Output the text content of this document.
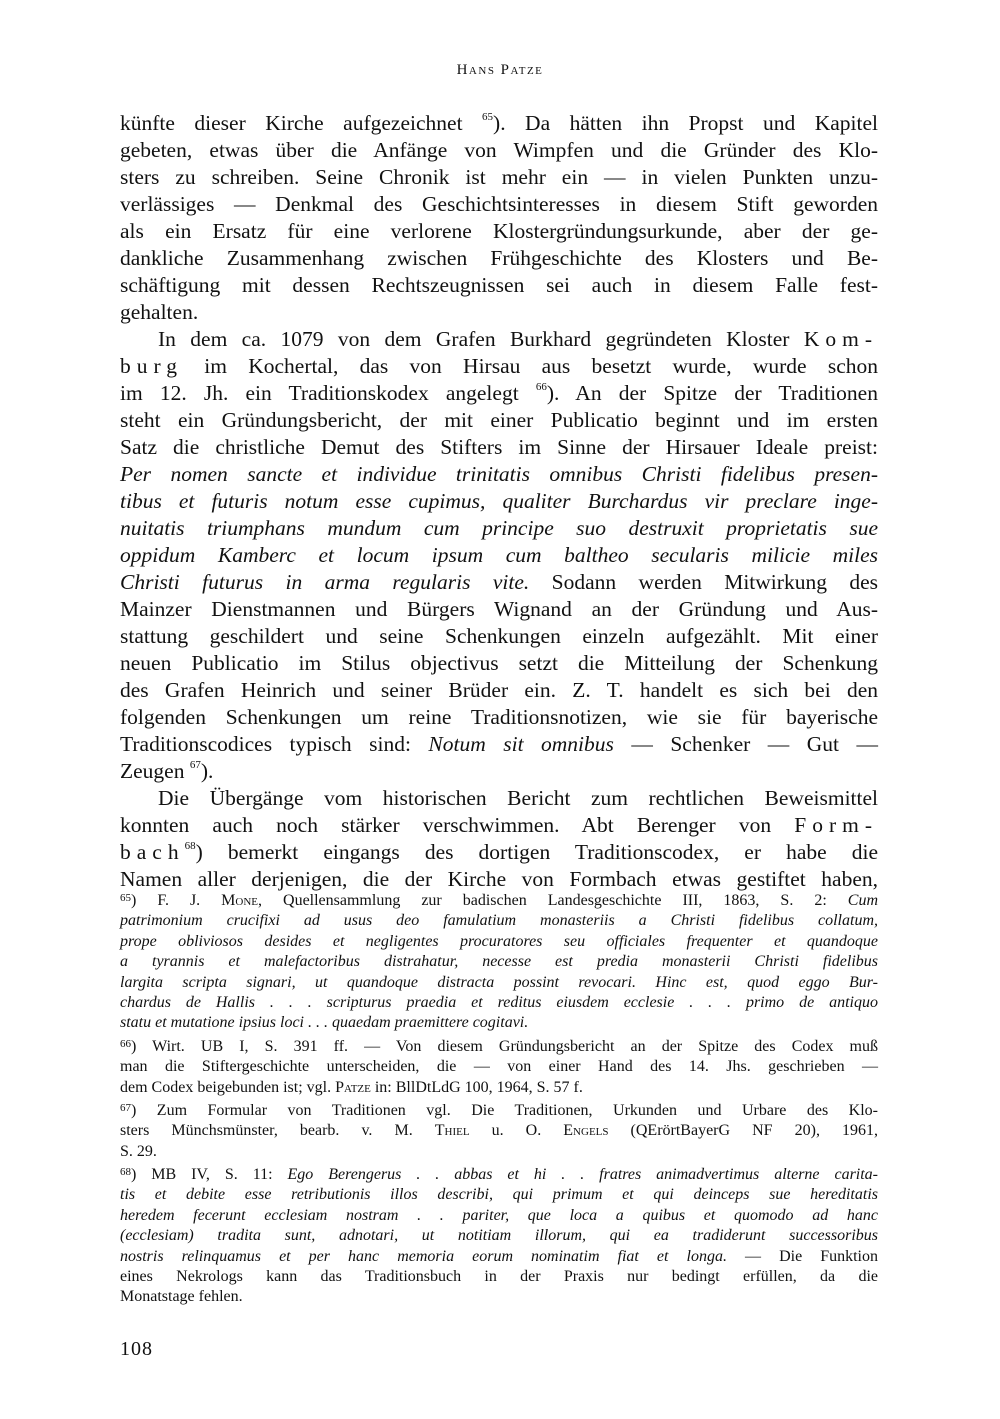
Hans Patze
künfte dieser Kirche aufgezeichnet $^{65}$). Da hätten ihn Propst und Kapitel
gebeten, etwas über die Anfänge von Wimpfen und die Gründer des Klo-
sters zu schreiben. Seine Chronik ist mehr ein — in vielen Punkten unzu-
verlässiges — Denkmal des Geschichtsinteresses in diesem Stift geworden
als ein Ersatz für eine verlorene Klostergründungsurkunde, aber der ge-
dankliche Zusammenhang zwischen Frühgeschichte des Klosters und Be-
schäftigung mit dessen Rechtszeugnissen sei auch in diesem Falle fest-
gehalten.
In dem ca. 1079 von dem Grafen Burkhard gegründeten Kloster Kom-
burg im Kochertal, das von Hirsau aus besetzt wurde, wurde schon
im 12. Jh. ein Traditionskodex angelegt $^{66}$). An der Spitze der Traditionen
steht ein Gründungsbericht, der mit einer Publicatio beginnt und im ersten
Satz die christliche Demut des Stifters im Sinne der Hirsauer Ideale preist:
Per nomen sancte et individue trinitatis omnibus Christi fidelibus presen-
tibus et futuris notum esse cupimus, qualiter Burchardus vir preclare inge-
nuitatis triumphans mundum cum principe suo destruxit proprietatis sue
oppidum Kamberc et locum ipsum cum baltheo secularis milicie miles
Christi futurus in arma regularis vite. Sodann werden Mitwirkung des
Mainzer Dienstmannen und Bürgers Wignand an der Gründung und Aus-
stattung geschildert und seine Schenkungen einzeln aufgezählt. Mit einer
neuen Publicatio im Stilus objectivus setzt die Mitteilung der Schenkung
des Grafen Heinrich und seiner Brüder ein. Z. T. handelt es sich bei den
folgenden Schenkungen um reine Traditionsnotizen, wie sie für bayerische
Traditionscodices typisch sind: Notum sit omnibus — Schenker — Gut —
Zeugen $^{67}$).
Die Übergänge vom historischen Bericht zum rechtlichen Beweismittel
konnten auch noch stärker verschwimmen. Abt Berenger von Form-
bach$^{68}$) bemerkt eingangs des dortigen Traditionscodex, er habe die
Namen aller derjenigen, die der Kirche von Formbach etwas gestiftet haben,
$^{65}$) F. J. Mone, Quellensammlung zur badischen Landesgeschichte III, 1863, S. 2: Cum
patrimonium crucifixi ad usus deo famulatium monasteriis a Christi fidelibus collatum,
prope obliviosos desides et negligentes procuratores seu officiales frequenter et quandoque
a tyrannis et malefactoribus distrahatur, necesse est predia monasterii Christi fidelibus
largita scripta signari, ut quandoque distracta possint revocari. Hinc est, quod eggo Bur-
chardus de Hallis . . . scripturus praedia et reditus eiusdem ecclesie . . . primo de antiquo
statu et mutatione ipsius loci . . . quaedam praemittere cogitavi.
$^{66}$) Wirt. UB I, S. 391 ff. — Von diesem Gründungsbericht an der Spitze des Codex muß
man die Stiftergeschichte unterscheiden, die — von einer Hand des 14. Jhs. geschrieben —
dem Codex beigebunden ist; vgl. Patze in: BllDtLdG 100, 1964, S. 57 f.
$^{67}$) Zum Formular von Traditionen vgl. Die Traditionen, Urkunden und Urbare des Klo-
sters Münchsmünster, bearb. v. M. Thiel u. O. Engels (QErörtBayerG NF 20), 1961,
S. 29.
$^{68}$) MB IV, S. 11: Ego Berengerus . . abbas et hi . . fratres animadvertimus alterne carita-
tis et debite esse retributionis illos describi, qui primum et qui deinceps sue hereditatis
heredem fecerunt ecclesiam nostram . . pariter, que loca a quibus et quomodo ad hanc
(ecclesiam) tradita sunt, adnotari, ut notitiam illorum, qui ea tradiderunt successoribus
nostris relinquamus et per hanc memoria eorum nominatim fiat et longa. — Die Funktion
eines Nekrologs kann das Traditionsbuch in der Praxis nur bedingt erfüllen, da die
Monatstage fehlen.
108
